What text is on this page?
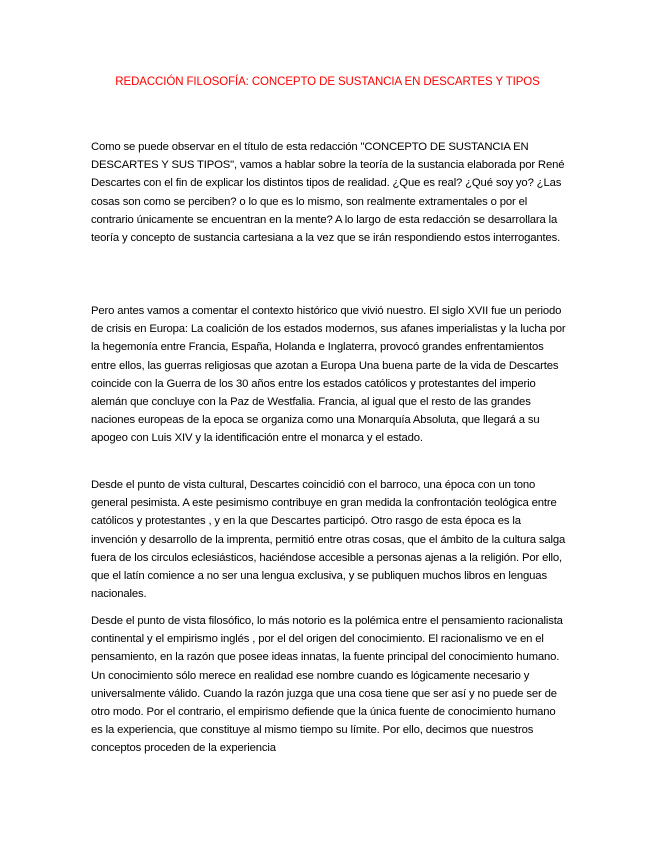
REDACCIÓN FILOSOFÍA: CONCEPTO DE SUSTANCIA EN DESCARTES Y TIPOS

Como se puede observar en el título de esta redacción "CONCEPTO DE SUSTANCIA EN DESCARTES Y SUS TIPOS", vamos a hablar sobre la teoría de la sustancia elaborada por René Descartes con el fin de explicar los distintos tipos de realidad. ¿Que es real? ¿Qué soy yo? ¿Las cosas son como se perciben? o lo que es lo mismo, son realmente extramentales o por el contrario únicamente se encuentran en la mente? A lo largo de esta redacción se desarrollara la teoría y concepto de sustancia cartesiana a la vez que se irán respondiendo estos interrogantes.

Pero antes vamos a comentar el contexto histórico que vivió nuestro. El siglo XVII fue un periodo de crisis en Europa: La coalición de los estados modernos, sus afanes imperialistas y la lucha por la hegemonía entre Francia, España, Holanda e Inglaterra, provocó grandes enfrentamientos entre ellos, las guerras religiosas que azotan a Europa Una buena parte de la vida de Descartes coincide con la Guerra de los 30 años entre los estados católicos y protestantes del imperio alemán que concluye con la Paz de Westfalia. Francia, al igual que el resto de las grandes naciones europeas de la epoca se organiza como una Monarquía Absoluta, que llegará a su apogeo con Luis XIV y la identificación entre el monarca y el estado.

Desde el punto de vista cultural, Descartes coincidió con el barroco, una época con un tono general pesimista. A este pesimismo contribuye en gran medida la confrontación teológica entre católicos y protestantes , y en la que Descartes participó. Otro rasgo de esta época es la invención y desarrollo de la imprenta, permitió entre otras cosas, que el ámbito de la cultura salga fuera de los circulos eclesiásticos, haciéndose accesible a personas ajenas a la religión. Por ello, que el latín comience a no ser una lengua exclusiva, y se publiquen muchos libros en lenguas nacionales.

Desde el punto de vista filosófico, lo más notorio es la polémica entre el pensamiento racionalista continental y el empirismo inglés , por el del origen del conocimiento. El racionalismo ve en el pensamiento, en la razón que posee ideas innatas, la fuente principal del conocimiento humano. Un conocimiento sólo merece en realidad ese nombre cuando es lógicamente necesario y universalmente válido. Cuando la razón juzga que una cosa tiene que ser así y no puede ser de otro modo. Por el contrario, el empirismo defiende que la única fuente de conocimiento humano es la experiencia, que constituye al mismo tiempo su límite. Por ello, decimos que nuestros conceptos proceden de la experiencia
